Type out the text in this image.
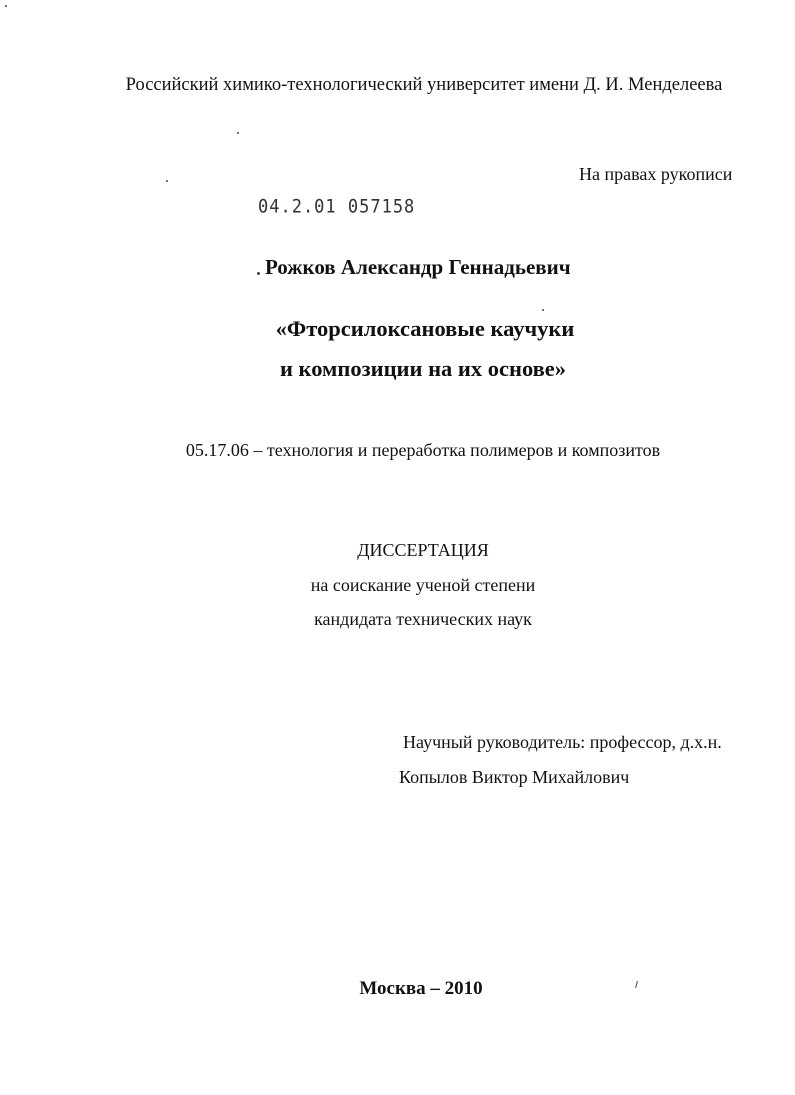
Российский химико-технологический университет имени Д. И. Менделеева
На правах рукописи
04.2.01 057158
Рожков Александр Геннадьевич
«Фторсилоксановые каучуки
и композиции на их основе»
05.17.06 – технология и переработка полимеров и композитов
ДИССЕРТАЦИЯ
на соискание ученой степени
кандидата технических наук
Научный руководитель: профессор, д.х.н.
Копылов Виктор Михайлович
Москва – 2010
